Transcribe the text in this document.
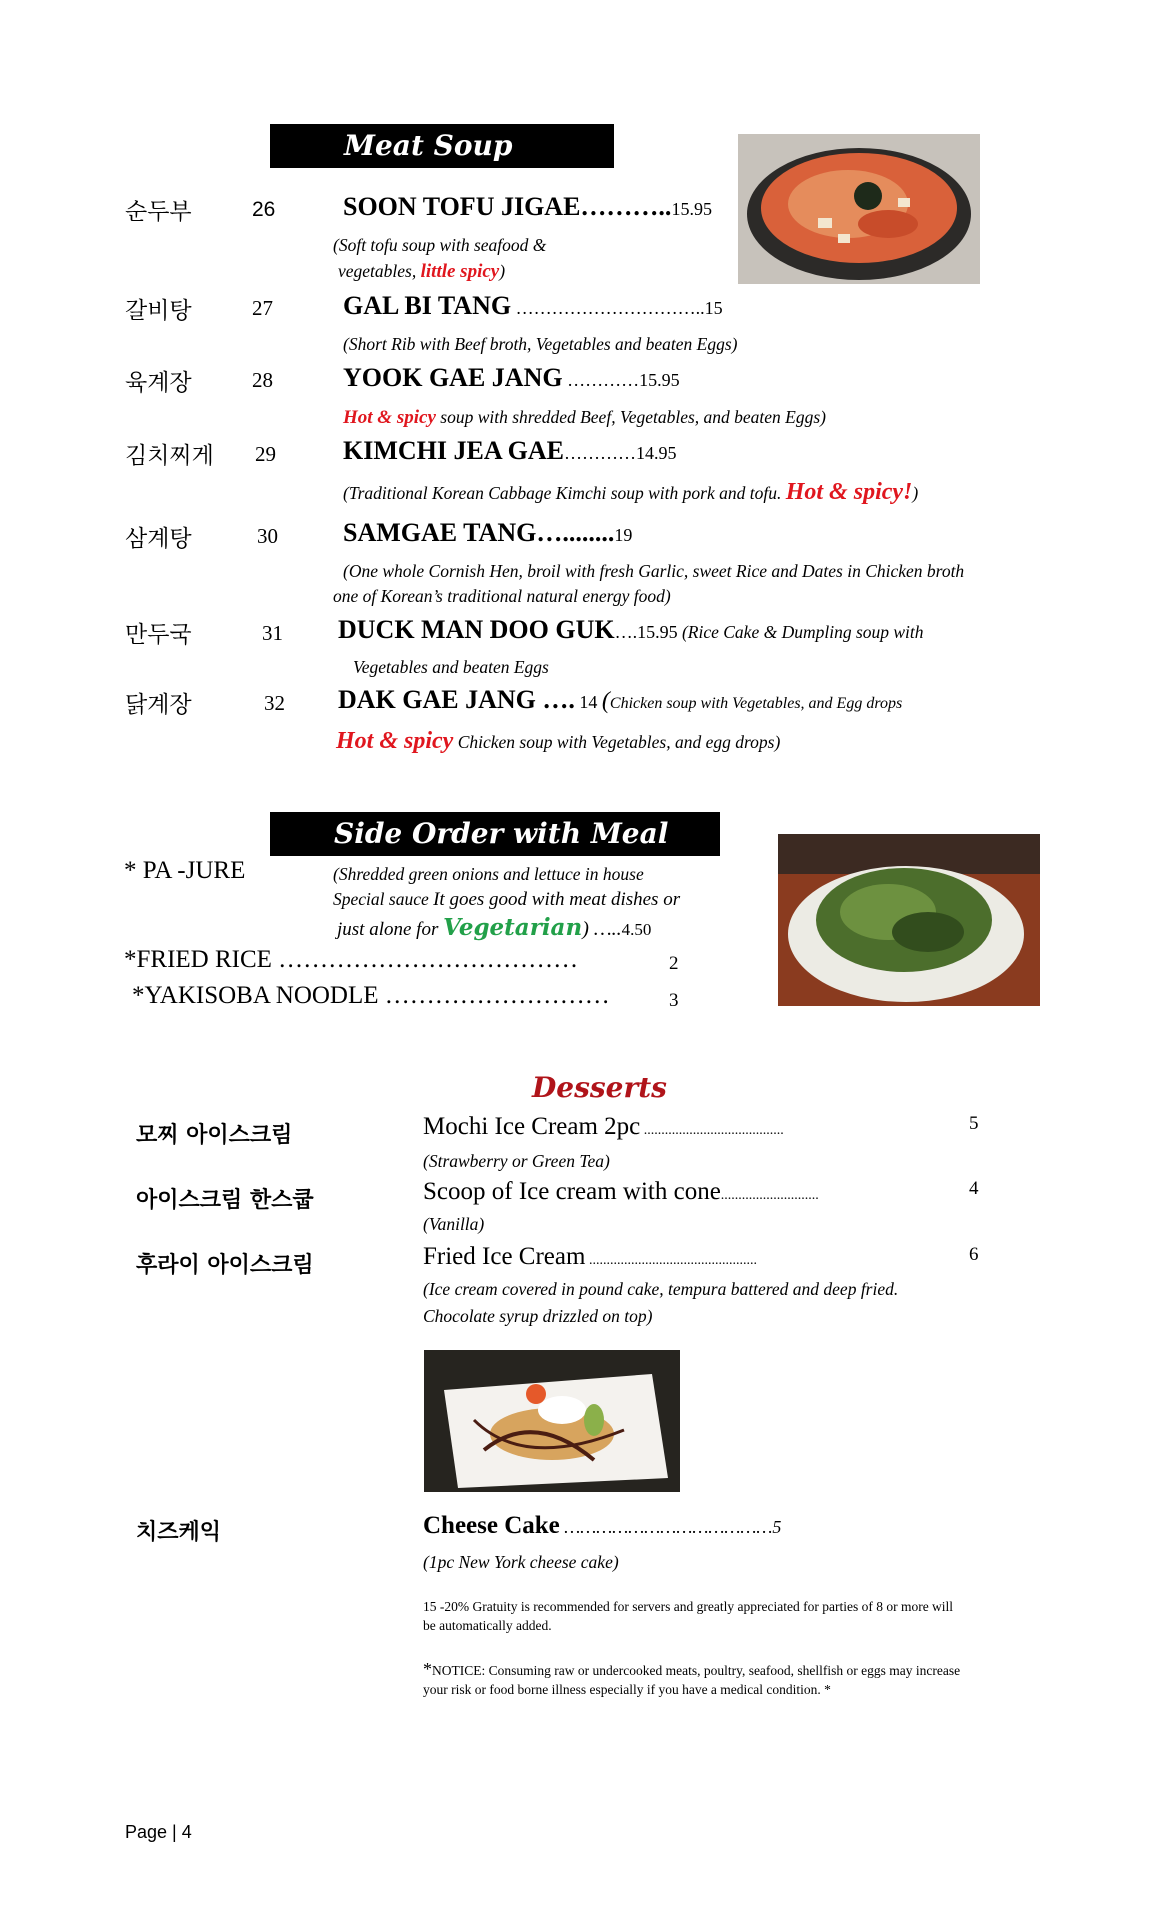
Meat Soup
순두부	26	SOON TOFU JIGAE………..15.95
(Soft tofu soup with seafood &
vegetables, little spicy)
갈비탕	27	GAL BI TANG …………………………..15
(Short Rib with Beef broth, Vegetables and beaten Eggs)
육계장	28	YOOK GAE JANG …………15.95
Hot & spicy soup with shredded Beef, Vegetables, and beaten Eggs)
김치찌게 29	KIMCHI JEA GAE…………14.95
(Traditional Korean Cabbage Kimchi soup with pork and tofu. Hot & spicy!)
삼계탕	30	SAMGAE TANG…........19
(One whole Cornish Hen, broil with fresh Garlic, sweet Rice and Dates in Chicken broth
one of Korean’s traditional natural energy food)
만두국	31 DUCK MAN DOO GUK….15.95 (Rice Cake & Dumpling soup with
Vegetables and beaten Eggs
닭계장	32 DAK GAE JANG …. 14 (Chicken soup with Vegetables, and Egg drops
Hot & spicy Chicken soup with Vegetables, and egg drops)
Side Order with Meal
* PA -JURE	(Shredded green onions and lettuce in house
Special sauce It goes good with meat dishes or
just alone for Vegetarian) …..4.50
*FRIED RICE ………………………………	2
*YAKISOBA NOODLE ………………………	3
Desserts
모찌 아이스크림	Mochi Ice Cream 2pc ........................................	5
(Strawberry or Green Tea)
아이스크림 한스쿱	Scoop of Ice cream with cone............................	4
(Vanilla)
후라이 아이스크림	Fried Ice Cream ................................................	6
(Ice cream covered in pound cake, tempura battered and deep fried.
Chocolate syrup drizzled on top)
치즈케익	Cheese Cake …………………………………5
(1pc New York cheese cake)
15 -20% Gratuity is recommended for servers and greatly appreciated for parties of 8 or more will be automatically added.
*NOTICE: Consuming raw or undercooked meats, poultry, seafood, shellfish or eggs may increase your risk or food borne illness especially if you have a medical condition. *
Page | 4
